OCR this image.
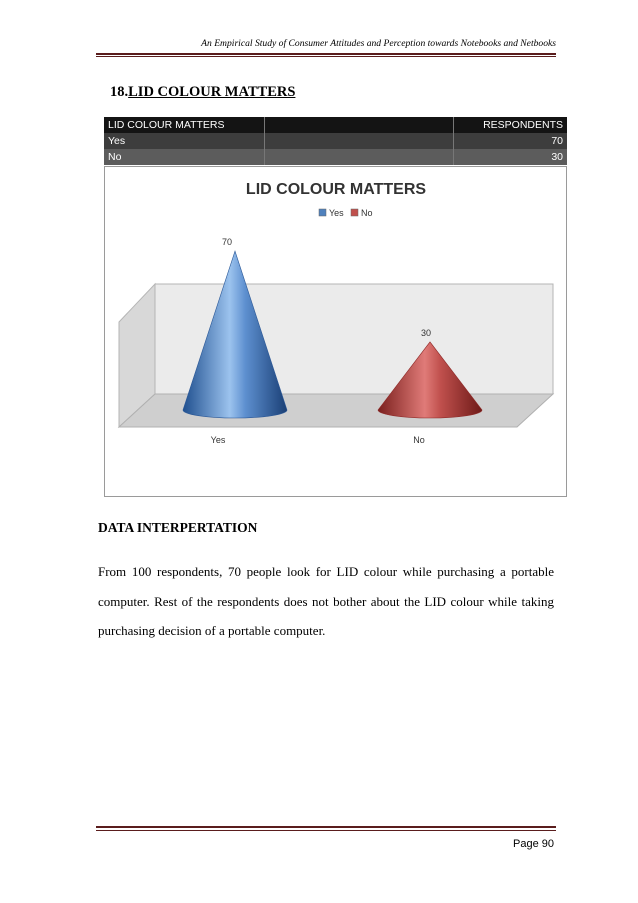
An Empirical Study of Consumer Attitudes and Perception towards Notebooks and Netbooks
18.LID COLOUR MATTERS
LID COLOUR MATTERS		RESPONDENTS
Yes		70
No		30
LID COLOUR MATTERS
Yes No
70
Yes
30
No
DATA INTERPERTATION
From 100 respondents, 70 people look for LID colour while purchasing a portable computer. Rest of the respondents does not bother about the LID colour while taking purchasing decision of a portable computer.
Page 90
